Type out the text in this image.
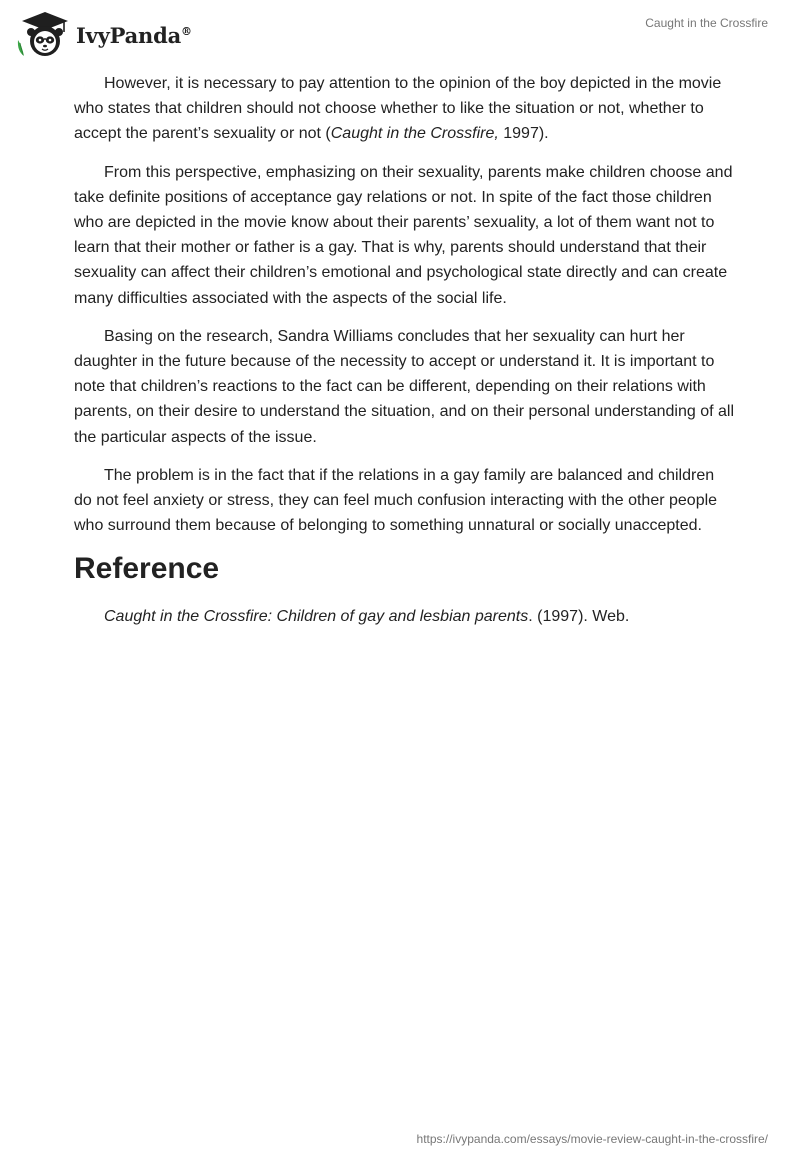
IvyPanda®
Caught in the Crossfire

However, it is necessary to pay attention to the opinion of the boy depicted in the movie who states that children should not choose whether to like the situation or not, whether to accept the parent’s sexuality or not (Caught in the Crossfire, 1997).

From this perspective, emphasizing on their sexuality, parents make children choose and take definite positions of acceptance gay relations or not. In spite of the fact those children who are depicted in the movie know about their parents’ sexuality, a lot of them want not to learn that their mother or father is a gay. That is why, parents should understand that their sexuality can affect their children’s emotional and psychological state directly and can create many difficulties associated with the aspects of the social life.

Basing on the research, Sandra Williams concludes that her sexuality can hurt her daughter in the future because of the necessity to accept or understand it. It is important to note that children’s reactions to the fact can be different, depending on their relations with parents, on their desire to understand the situation, and on their personal understanding of all the particular aspects of the issue.

The problem is in the fact that if the relations in a gay family are balanced and children do not feel anxiety or stress, they can feel much confusion interacting with the other people who surround them because of belonging to something unnatural or socially unaccepted.

Reference

Caught in the Crossfire: Children of gay and lesbian parents. (1997). Web.

https://ivypanda.com/essays/movie-review-caught-in-the-crossfire/
